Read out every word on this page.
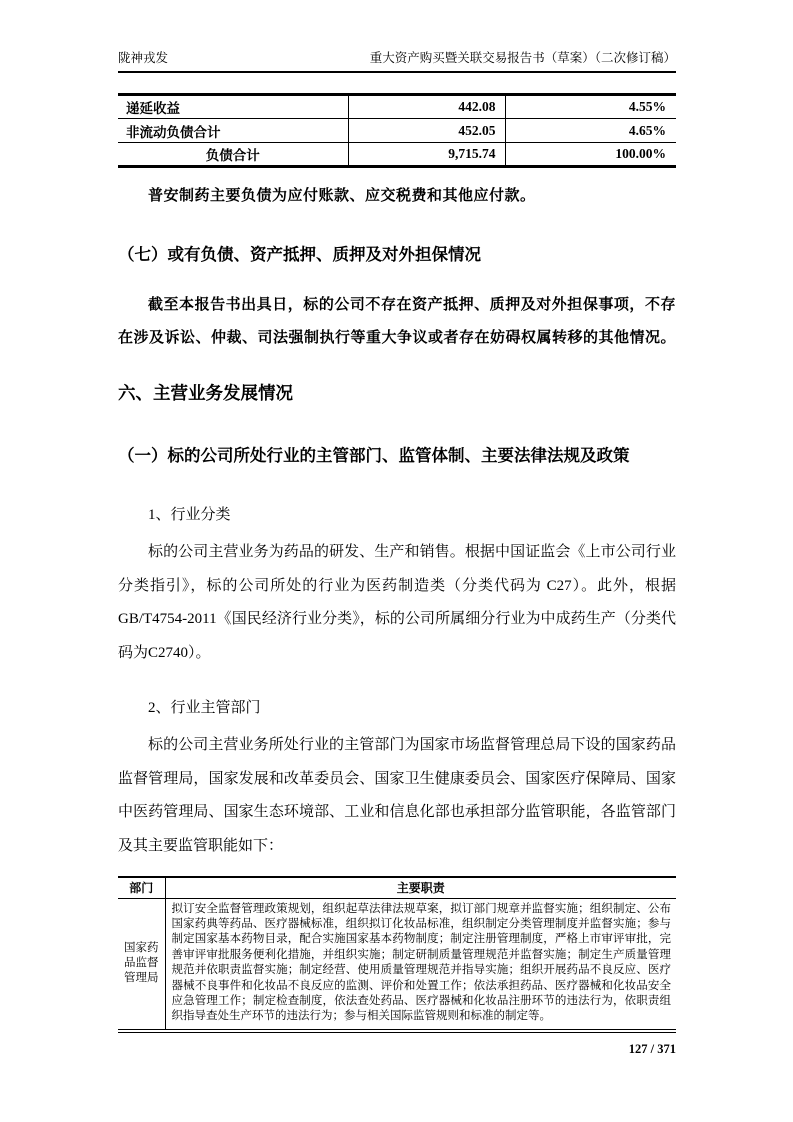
陇神戎发	重大资产购买暨关联交易报告书（草案）（二次修订稿）
递延收益	442.08	4.55%
非流动负债合计	452.05	4.65%
负债合计	9,715.74	100.00%

普安制药主要负债为应付账款、应交税费和其他应付款。

（七）或有负债、资产抵押、质押及对外担保情况

截至本报告书出具日，标的公司不存在资产抵押、质押及对外担保事项，不存在涉及诉讼、仲裁、司法强制执行等重大争议或者存在妨碍权属转移的其他情况。

六、主营业务发展情况
（一）标的公司所处行业的主管部门、监管体制、主要法律法规及政策

1、行业分类

标的公司主营业务为药品的研发、生产和销售。根据中国证监会《上市公司行业分类指引》，标的公司所处的行业为医药制造类（分类代码为 C27）。此外，根据 GB/T4754-2011《国民经济行业分类》，标的公司所属细分行业为中成药生产（分类代码为C2740）。

2、行业主管部门

标的公司主营业务所处行业的主管部门为国家市场监督管理总局下设的国家药品监督管理局，国家发展和改革委员会、国家卫生健康委员会、国家医疗保障局、国家中医药管理局、国家生态环境部、工业和信息化部也承担部分监管职能，各监管部门及其主要监管职能如下：

部门	主要职责
国家药品监督管理局	拟订安全监督管理政策规划，组织起草法律法规草案，拟订部门规章并监督实施；组织制定、公布国家药典等药品、医疗器械标准，组织拟订化妆品标准，组织制定分类管理制度并监督实施；参与制定国家基本药物目录，配合实施国家基本药物制度；制定注册管理制度，严格上市审评审批，完善审评审批服务便利化措施，并组织实施；制定研制质量管理规范并监督实施；制定生产质量管理规范并依职责监督实施；制定经营、使用质量管理规范并指导实施；组织开展药品不良反应、医疗器械不良事件和化妆品不良反应的监测、评价和处置工作；依法承担药品、医疗器械和化妆品安全应急管理工作；制定检查制度，依法查处药品、医疗器械和化妆品注册环节的违法行为，依职责组织指导查处生产环节的违法行为；参与相关国际监管规则和标准的制定等。
127 / 371
